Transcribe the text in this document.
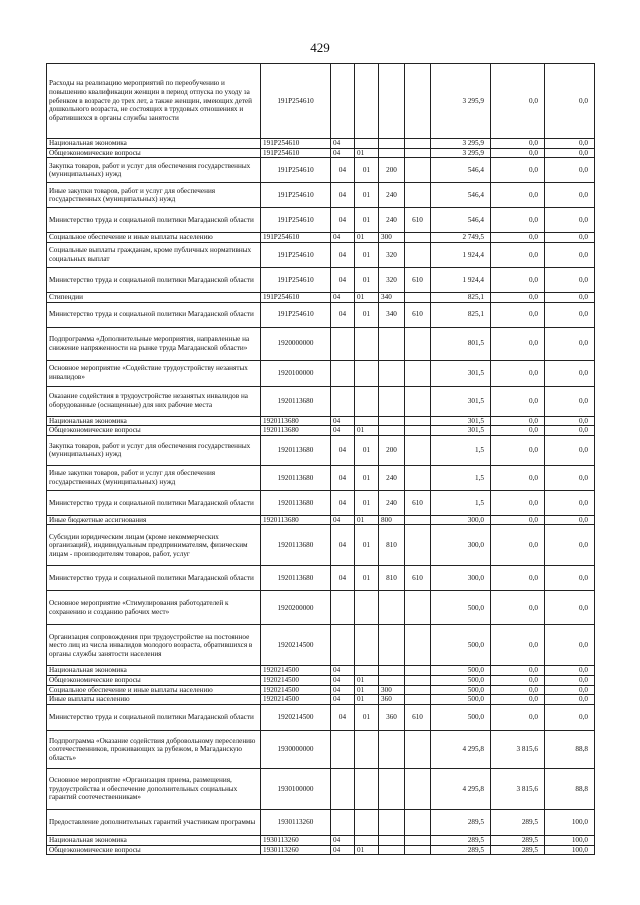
429
Расходы на реализацию мероприятий по переобучению и повышению квалификации женщин в период отпуска по уходу за ребенком в возрасте до трех лет, а также женщин, имеющих детей дошкольного возраста, не состоящих в трудовых отношениях и обратившихся в органы службы занятости	191P254610					3 295,9	0,0	0,0
Национальная экономика	191P254610	04				3 295,9	0,0	0,0
Общеэкономические вопросы	191P254610	04	01			3 295,9	0,0	0,0
Закупка товаров, работ и услуг для обеспечения государственных (муниципальных) нужд	191P254610	04	01	200		546,4	0,0	0,0
Иные закупки товаров, работ и услуг для обеспечения государственных (муниципальных) нужд	191P254610	04	01	240		546,4	0,0	0,0
Министерство труда и социальной политики Магаданской области	191P254610	04	01	240	610	546,4	0,0	0,0
Социальное обеспечение и иные выплаты населению	191P254610	04	01	300		2 749,5	0,0	0,0
Социальные выплаты гражданам, кроме публичных нормативных социальных выплат	191P254610	04	01	320		1 924,4	0,0	0,0
Министерство труда и социальной политики Магаданской области	191P254610	04	01	320	610	1 924,4	0,0	0,0
Стипендии	191P254610	04	01	340		825,1	0,0	0,0
Министерство труда и социальной политики Магаданской области	191P254610	04	01	340	610	825,1	0,0	0,0
Подпрограмма «Дополнительные мероприятия, направленные на снижение напряженности на рынке труда Магаданской области»	1920000000					801,5	0,0	0,0
Основное мероприятие «Содействие трудоустройству незанятых инвалидов»	1920100000					301,5	0,0	0,0
Оказание содействия в трудоустройстве незанятых инвалидов на оборудованные (оснащенные) для них рабочие места	1920113680					301,5	0,0	0,0
Национальная экономика	1920113680	04				301,5	0,0	0,0
Общеэкономические вопросы	1920113680	04	01			301,5	0,0	0,0
Закупка товаров, работ и услуг для обеспечения государственных (муниципальных) нужд	1920113680	04	01	200		1,5	0,0	0,0
Иные закупки товаров, работ и услуг для обеспечения государственных (муниципальных) нужд	1920113680	04	01	240		1,5	0,0	0,0
Министерство труда и социальной политики Магаданской области	1920113680	04	01	240	610	1,5	0,0	0,0
Иные бюджетные ассигнования	1920113680	04	01	800		300,0	0,0	0,0
Субсидии юридическим лицам (кроме некоммерческих организаций), индивидуальным предпринимателям, физическим лицам - производителям товаров, работ, услуг	1920113680	04	01	810		300,0	0,0	0,0
Министерство труда и социальной политики Магаданской области	1920113680	04	01	810	610	300,0	0,0	0,0
Основное мероприятие «Стимулирования работодателей к сохранению и созданию рабочих мест»	1920200000					500,0	0,0	0,0
Организация сопровождения при трудоустройстве на постоянное место лиц из числа инвалидов молодого возраста, обратившихся в органы службы занятости населения	1920214500					500,0	0,0	0,0
Национальная экономика	1920214500	04				500,0	0,0	0,0
Общеэкономические вопросы	1920214500	04	01			500,0	0,0	0,0
Социальное обеспечение и иные выплаты населению	1920214500	04	01	300		500,0	0,0	0,0
Иные выплаты населению	1920214500	04	01	360		500,0	0,0	0,0
Министерство труда и социальной политики Магаданской области	1920214500	04	01	360	610	500,0	0,0	0,0
Подпрограмма «Оказание содействия добровольному переселению соотечественников, проживающих за рубежом, в Магаданскую область»	1930000000					4 295,8	3 815,6	88,8
Основное мероприятие «Организация приема, размещения, трудоустройства и обеспечение дополнительных социальных гарантий соотечественникам»	1930100000					4 295,8	3 815,6	88,8
Предоставление дополнительных гарантий участникам программы	1930113260					289,5	289,5	100,0
Национальная экономика	1930113260	04				289,5	289,5	100,0
Общеэкономические вопросы	1930113260	04	01			289,5	289,5	100,0
